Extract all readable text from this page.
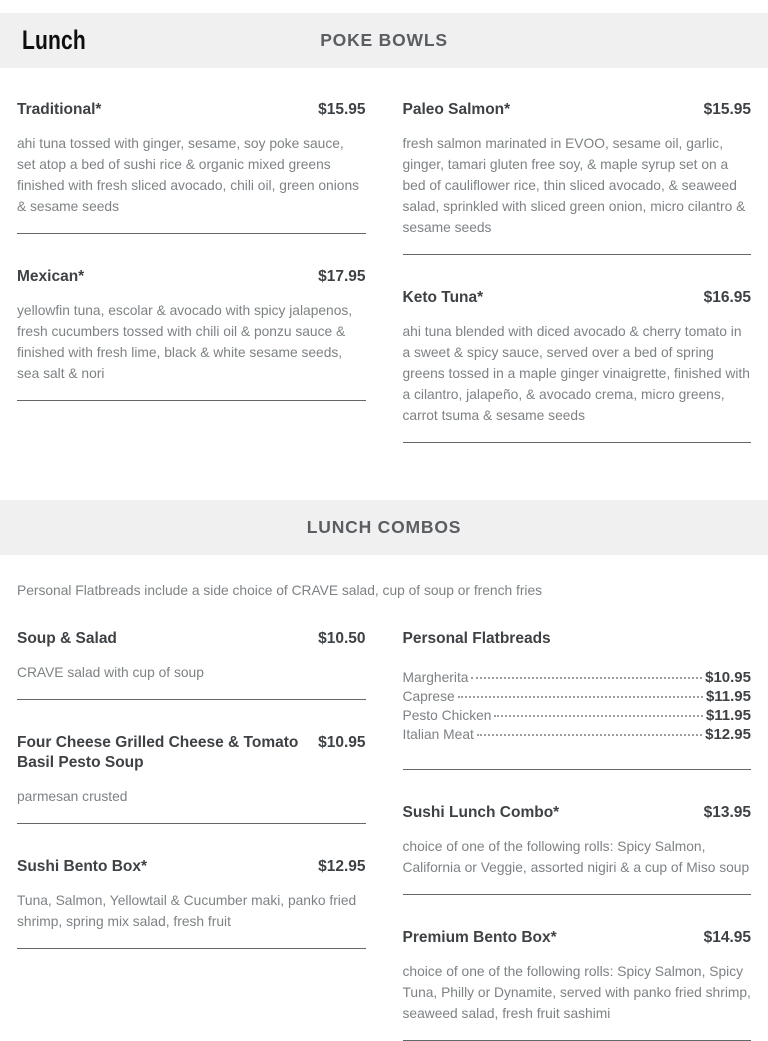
Lunch	POKE BOWLS
Traditional*	$15.95

ahi tuna tossed with ginger, sesame, soy poke sauce, set atop a bed of sushi rice & organic mixed greens finished with fresh sliced avocado, chili oil, green onions & sesame seeds

Mexican*	$17.95

yellowfin tuna, escolar & avocado with spicy jalapenos, fresh cucumbers tossed with chili oil & ponzu sauce & finished with fresh lime, black & white sesame seeds, sea salt & nori

Paleo Salmon*	$15.95

fresh salmon marinated in EVOO, sesame oil, garlic, ginger, tamari gluten free soy, & maple syrup set on a bed of cauliflower rice, thin sliced avocado, & seaweed salad, sprinkled with sliced green onion, micro cilantro & sesame seeds

Keto Tuna*	$16.95

ahi tuna blended with diced avocado & cherry tomato in a sweet & spicy sauce, served over a bed of spring greens tossed in a maple ginger vinaigrette, finished with a cilantro, jalapeño, & avocado crema, micro greens, carrot tsuma & sesame seeds

LUNCH COMBOS

Personal Flatbreads include a side choice of CRAVE salad, cup of soup or french fries

Soup & Salad	$10.50

CRAVE salad with cup of soup

Four Cheese Grilled Cheese & Tomato Basil Pesto Soup
$10.95

parmesan crusted

Sushi Bento Box*	$12.95

Tuna, Salmon, Yellowtail & Cucumber maki, panko fried shrimp, spring mix salad, fresh fruit

Personal Flatbreads
Margherita	$10.95
Caprese	$11.95
Pesto Chicken	$11.95
Italian Meat	$12.95
Sushi Lunch Combo*	$13.95

choice of one of the following rolls: Spicy Salmon, California or Veggie, assorted nigiri & a cup of Miso soup

Premium Bento Box*	$14.95

choice of one of the following rolls: Spicy Salmon, Spicy Tuna, Philly or Dynamite, served with panko fried shrimp, seaweed salad, fresh fruit sashimi
